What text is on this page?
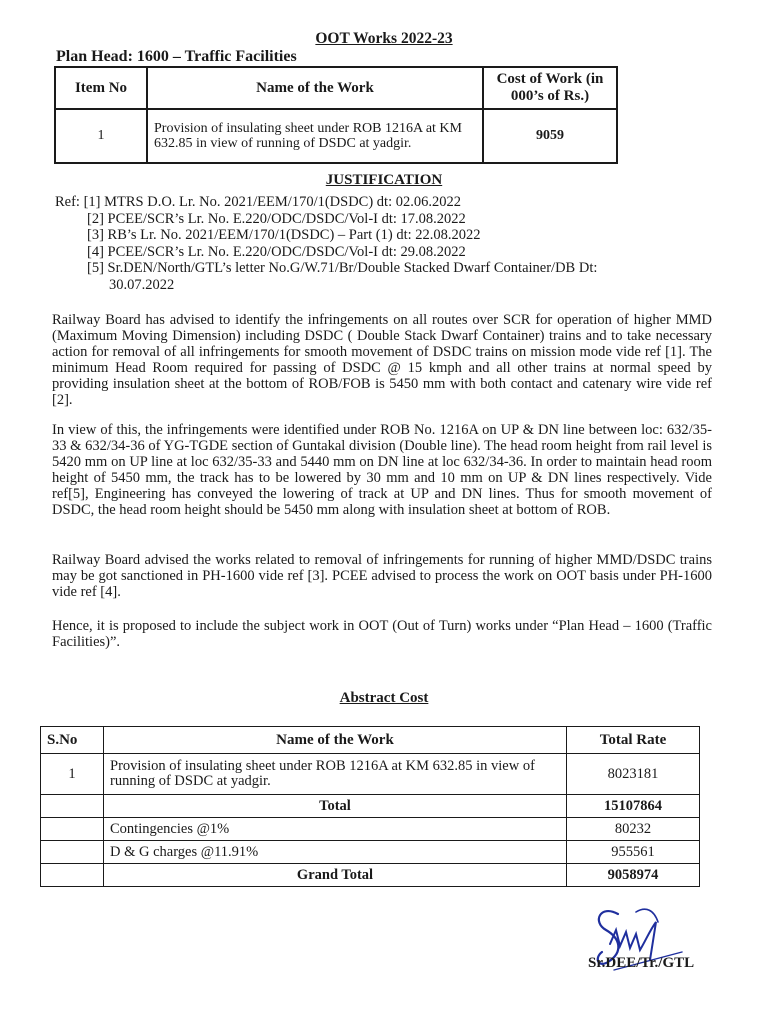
OOT Works 2022-23
Plan Head: 1600 – Traffic Facilities
Item No	Name of the Work	Cost of Work (in 000’s of Rs.)
1	Provision of insulating sheet under ROB 1216A at KM 632.85 in view of running of DSDC at yadgir.	9059
JUSTIFICATION
Ref: [1] MTRS D.O. Lr. No. 2021/EEM/170/1(DSDC) dt: 02.06.2022
[2] PCEE/SCR’s Lr. No. E.220/ODC/DSDC/Vol-I dt: 17.08.2022
[3] RB’s Lr. No. 2021/EEM/170/1(DSDC) – Part (1) dt: 22.08.2022
[4] PCEE/SCR’s Lr. No. E.220/ODC/DSDC/Vol-I dt: 29.08.2022
[5] Sr.DEN/North/GTL’s letter No.G/W.71/Br/Double Stacked Dwarf Container/DB Dt:
30.07.2022

Railway Board has advised to identify the infringements on all routes over SCR for operation of higher MMD (Maximum Moving Dimension) including DSDC ( Double Stack Dwarf Container) trains and to take necessary action for removal of all infringements for smooth movement of DSDC trains on mission mode vide ref [1]. The minimum Head Room required for passing of DSDC @ 15 kmph and all other trains at normal speed by providing insulation sheet at the bottom of ROB/FOB is 5450 mm with both contact and catenary wire vide ref [2].

In view of this, the infringements were identified under ROB No. 1216A on UP & DN line between loc: 632/35-33 & 632/34-36 of YG-TGDE section of Guntakal division (Double line). The head room height from rail level is 5420 mm on UP line at loc 632/35-33 and 5440 mm on DN line at loc 632/34-36. In order to maintain head room height of 5450 mm, the track has to be lowered by 30 mm and 10 mm on UP & DN lines respectively. Vide ref[5], Engineering has conveyed the lowering of track at UP and DN lines. Thus for smooth movement of DSDC, the head room height should be 5450 mm along with insulation sheet at bottom of ROB.

Railway Board advised the works related to removal of infringements for running of higher MMD/DSDC trains may be got sanctioned in PH-1600 vide ref [3]. PCEE advised to process the work on OOT basis under PH-1600 vide ref [4].

Hence, it is proposed to include the subject work in OOT (Out of Turn) works under “Plan Head – 1600 (Traffic Facilities)”.

Abstract Cost
S.No	Name of the Work	Total Rate
1	Provision of insulating sheet under ROB 1216A at KM 632.85 in view of running of DSDC at yadgir.	8023181
	Total	15107864
	Contingencies @1%	80232
	D & G charges @11.91%	955561
	Grand Total	9058974
Sr.DEE/Tr./GTL
